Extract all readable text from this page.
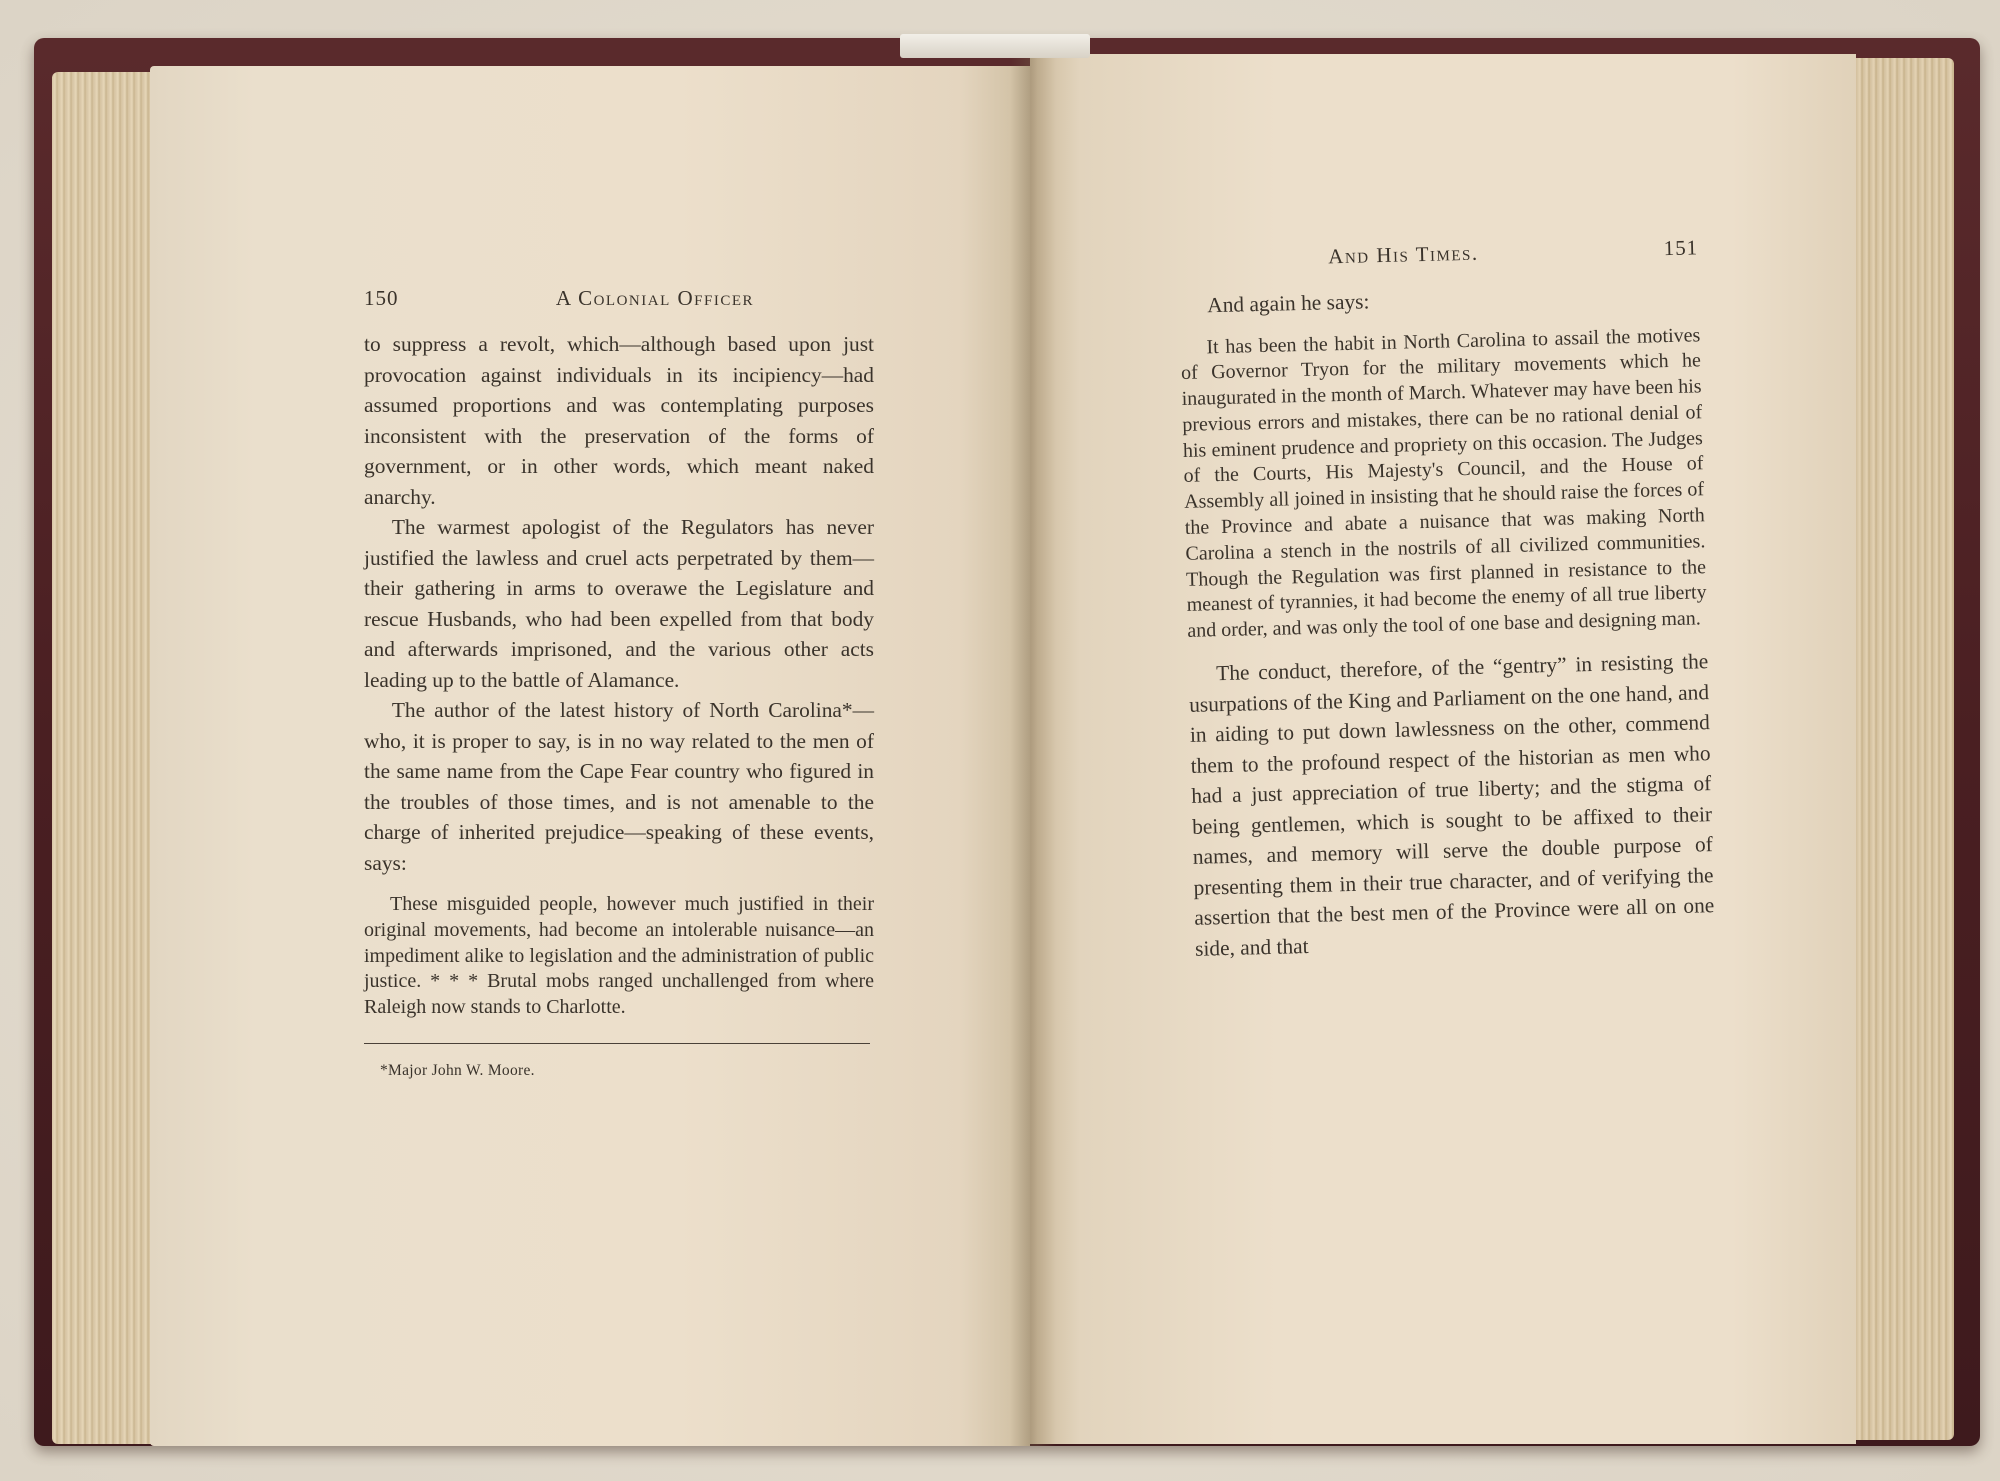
150	A Colonial Officer

to suppress a revolt, which—although based upon just provocation against individuals in its incipiency—had assumed proportions and was contemplating purposes inconsistent with the preservation of the forms of government, or in other words, which meant naked anarchy.

The warmest apologist of the Regulators has never justified the lawless and cruel acts perpetrated by them—their gathering in arms to overawe the Legislature and rescue Husbands, who had been expelled from that body and afterwards imprisoned, and the various other acts leading up to the battle of Alamance.

The author of the latest history of North Carolina*—who, it is proper to say, is in no way related to the men of the same name from the Cape Fear country who figured in the troubles of those times, and is not amenable to the charge of inherited prejudice—speaking of these events, says:

These misguided people, however much justified in their original movements, had become an intolerable nuisance—an impediment alike to legislation and the administration of public justice. * * * Brutal mobs ranged unchallenged from where Raleigh now stands to Charlotte.

*Major John W. Moore.
And His Times.	151

And again he says:

It has been the habit in North Carolina to assail the motives of Governor Tryon for the military movements which he inaugurated in the month of March. Whatever may have been his previous errors and mistakes, there can be no rational denial of his eminent prudence and propriety on this occasion. The Judges of the Courts, His Majesty's Council, and the House of Assembly all joined in insisting that he should raise the forces of the Province and abate a nuisance that was making North Carolina a stench in the nostrils of all civilized communities. Though the Regulation was first planned in resistance to the meanest of tyrannies, it had become the enemy of all true liberty and order, and was only the tool of one base and designing man.

The conduct, therefore, of the “gentry” in resisting the usurpations of the King and Parliament on the one hand, and in aiding to put down lawlessness on the other, commend them to the profound respect of the historian as men who had a just appreciation of true liberty; and the stigma of being gentlemen, which is sought to be affixed to their names, and memory will serve the double purpose of presenting them in their true character, and of verifying the assertion that the best men of the Province were all on one side, and that
